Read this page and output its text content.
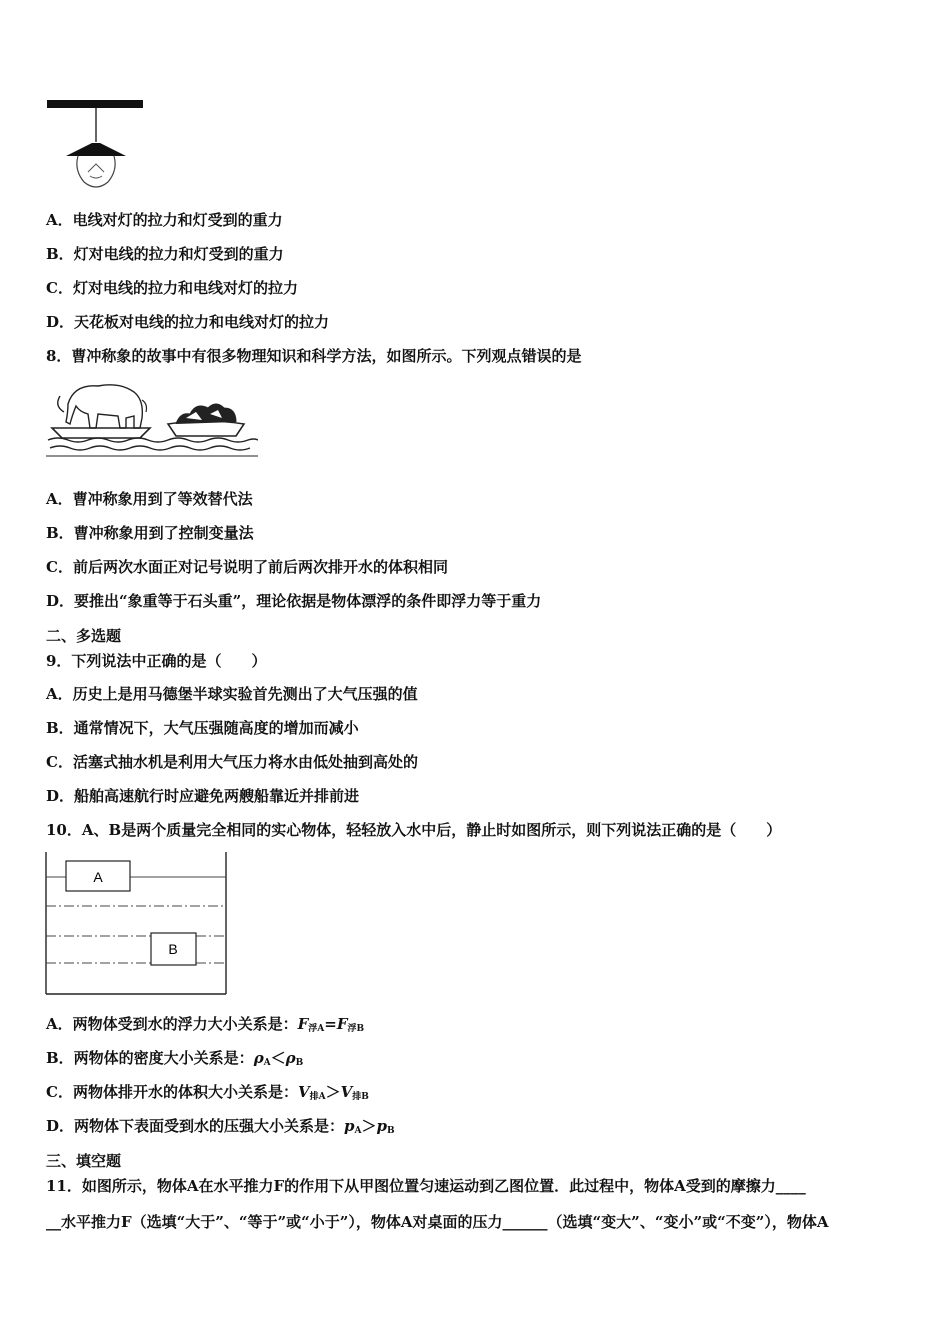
A．电线对灯的拉力和灯受到的重力
B．灯对电线的拉力和灯受到的重力
C．灯对电线的拉力和电线对灯的拉力
D．天花板对电线的拉力和电线对灯的拉力
8．曹冲称象的故事中有很多物理知识和科学方法，如图所示。下列观点错误的是
A．曹冲称象用到了等效替代法
B．曹冲称象用到了控制变量法
C．前后两次水面正对记号说明了前后两次排开水的体积相同
D．要推出“象重等于石头重”，理论依据是物体漂浮的条件即浮力等于重力
二、多选题
9．下列说法中正确的是（　　）
A．历史上是用马德堡半球实验首先测出了大气压强的值
B．通常情况下，大气压强随高度的增加而减小
C．活塞式抽水机是利用大气压力将水由低处抽到高处的
D．船舶高速航行时应避免两艘船靠近并排前进
10．A、B是两个质量完全相同的实心物体，轻轻放入水中后，静止时如图所示，则下列说法正确的是（　　）
A
B
A．两物体受到水的浮力大小关系是：$F_{浮A}=F_{浮B}$
B．两物体的密度大小关系是：$\rho_A<\rho_B$
C．两物体排开水的体积大小关系是：$V_{排A}>V_{排B}$
D．两物体下表面受到水的压强大小关系是：$p_A>p_B$
三、填空题
11．如图所示，物体A在水平推力F的作用下从甲图位置匀速运动到乙图位置．此过程中，物体A受到的摩擦力____
__水平推力F（选填“大于”、“等于”或“小于”），物体A对桌面的压力______（选填“变大”、“变小”或“不变”），物体A
